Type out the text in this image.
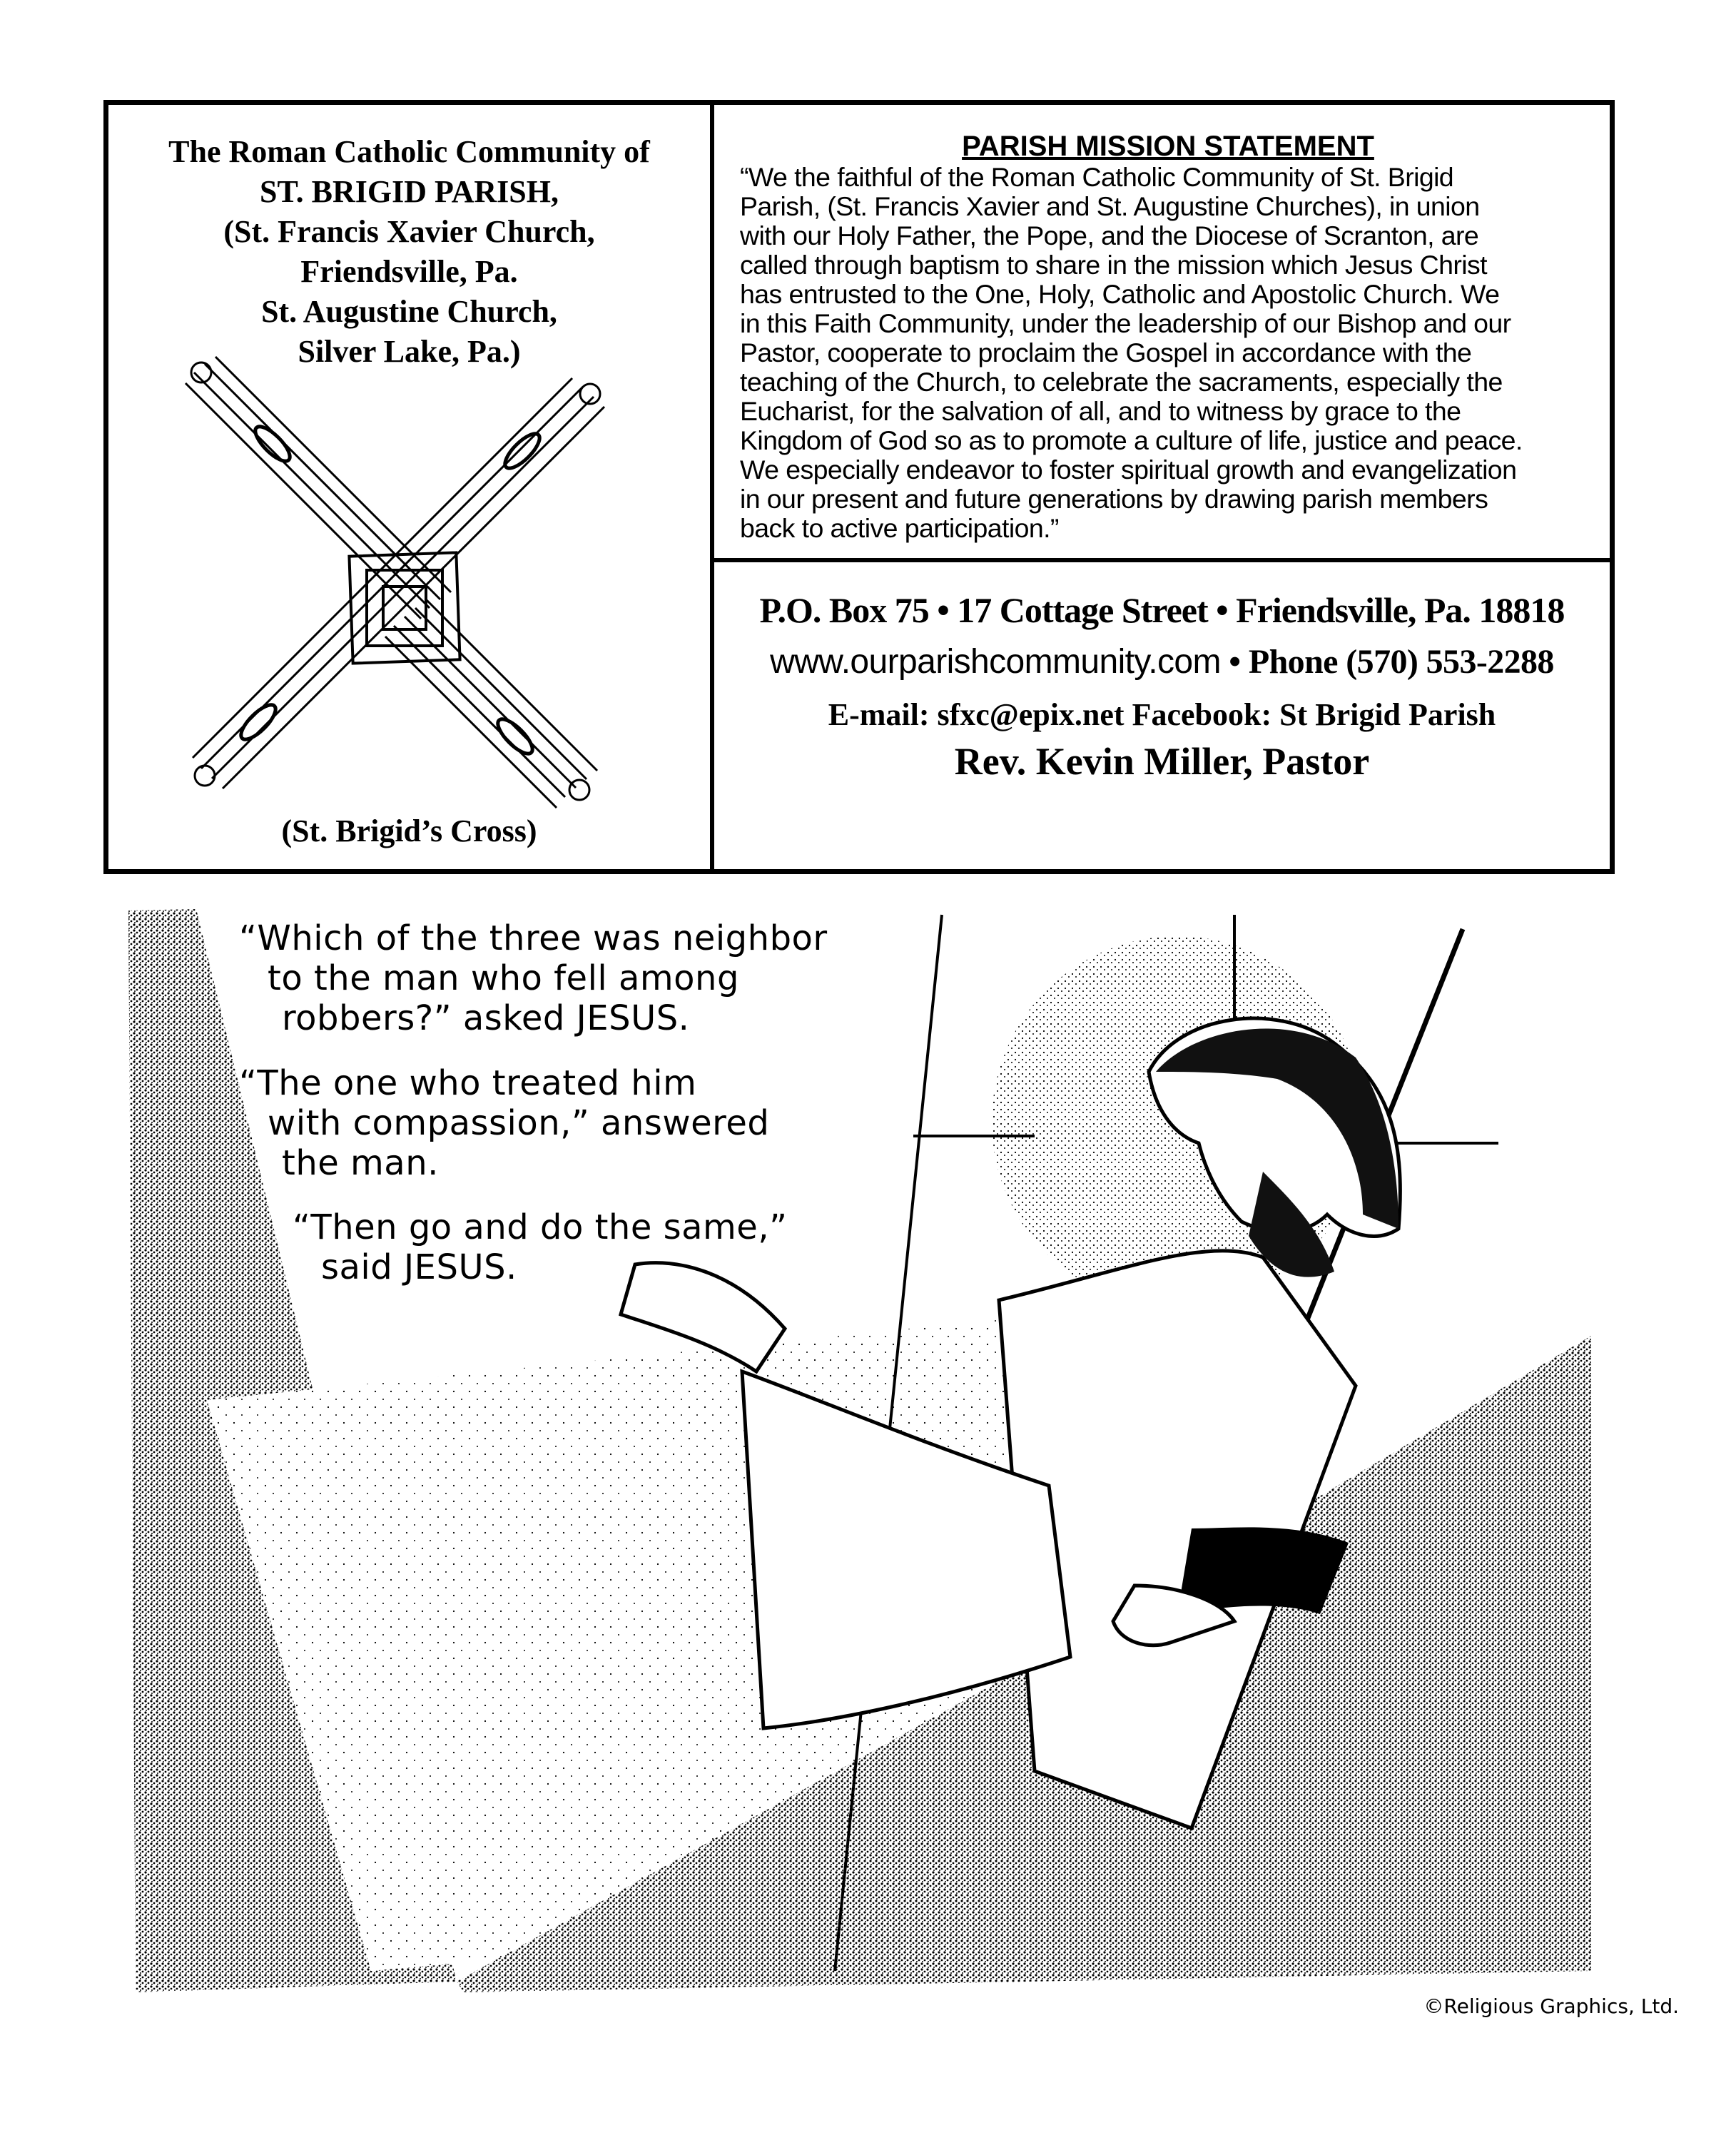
The Roman Catholic Community of
ST. BRIGID PARISH,
(St. Francis Xavier Church,
Friendsville, Pa.
St. Augustine Church,
Silver Lake, Pa.)
(St. Brigid’s Cross)
PARISH MISSION STATEMENT
“We the faithful of the Roman Catholic Community of St. Brigid
Parish, (St. Francis Xavier and St. Augustine Churches), in union
with our Holy Father, the Pope, and the Diocese of Scranton, are
called through baptism to share in the mission which Jesus Christ
has entrusted to the One, Holy, Catholic and Apostolic Church. We
in this Faith Community, under the leadership of our Bishop and our
Pastor, cooperate to proclaim the Gospel in accordance with the
teaching of the Church, to celebrate the sacraments, especially the
Eucharist, for the salvation of all, and to witness by grace to the
Kingdom of God so as to promote a culture of life, justice and peace.
We especially endeavor to foster spiritual growth and evangelization
in our present and future generations by drawing parish members
back to active participation.”
P.O. Box 75 • 17 Cottage Street • Friendsville, Pa. 18818
www.ourparishcommunity.com • Phone (570) 553-2288
E-mail: sfxc@epix.net Facebook: St Brigid Parish
Rev. Kevin Miller, Pastor
“Which of the three was neighbor
to the man who fell among
robbers?” asked JESUS.
“The one who treated him
with compassion,” answered
the man.
“Then go and do the same,”
said JESUS.
©Religious Graphics, Ltd.
